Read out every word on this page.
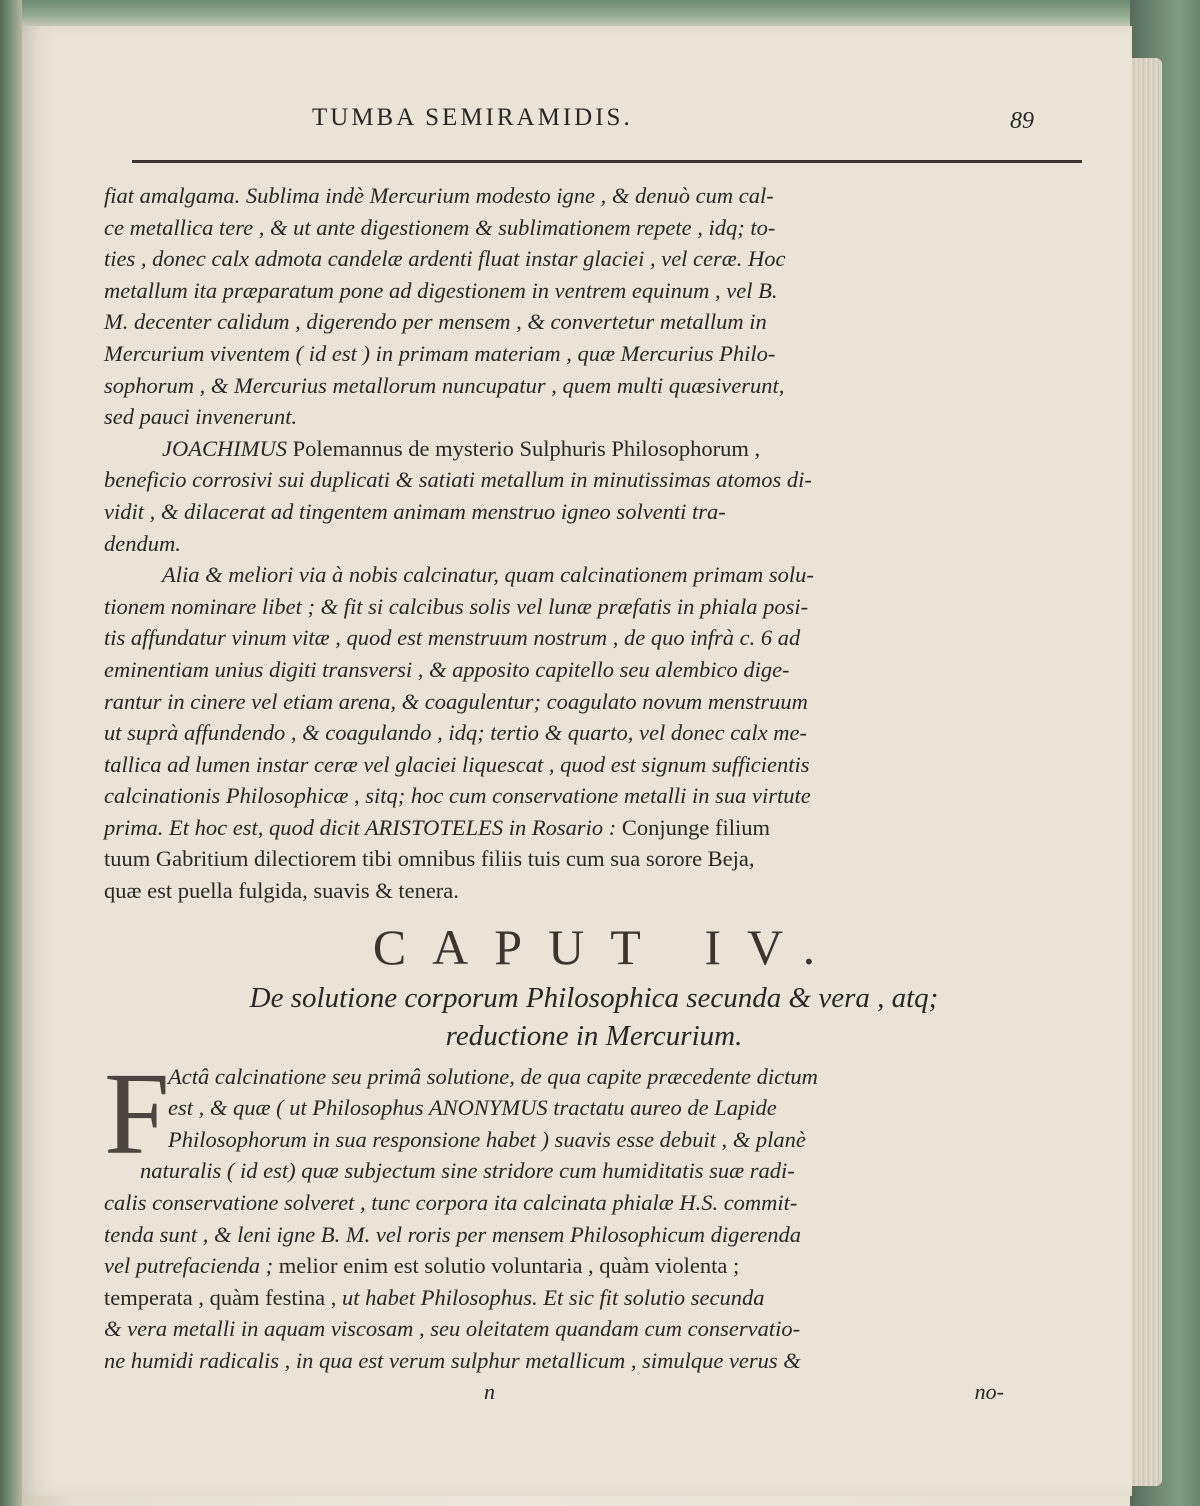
TUMBA SEMIRAMIDIS.	89
fiat amalgama. Sublima indè Mercurium modesto igne , & denuò cum cal-
ce metallica tere , & ut ante digestionem & sublimationem repete , idq; to-
ties , donec calx admota candelæ ardenti fluat instar glaciei , vel ceræ. Hoc
metallum ita præparatum pone ad digestionem in ventrem equinum , vel B.
M. decenter calidum , digerendo per mensem , & convertetur metallum in
Mercurium viventem ( id est ) in primam materiam , quæ Mercurius Philo-
sophorum , & Mercurius metallorum nuncupatur , quem multi quæsiverunt,
sed pauci invenerunt.
JOACHIMUS Polemannus de mysterio Sulphuris Philosophorum ,
beneficio corrosivi sui duplicati & satiati metallum in minutissimas atomos di-
vidit , & dilacerat ad tingentem animam menstruo igneo solventi tra-
dendum.
Alia & meliori via à nobis calcinatur, quam calcinationem primam solu-
tionem nominare libet ; & fit si calcibus solis vel lunæ præfatis in phiala posi-
tis affundatur vinum vitæ , quod est menstruum nostrum , de quo infrà c. 6 ad
eminentiam unius digiti transversi , & apposito capitello seu alembico dige-
rantur in cinere vel etiam arena, & coagulentur; coagulato novum menstruum
ut suprà affundendo , & coagulando , idq; tertio & quarto, vel donec calx me-
tallica ad lumen instar ceræ vel glaciei liquescat , quod est signum sufficientis
calcinationis Philosophicæ , sitq; hoc cum conservatione metalli in sua virtute
prima. Et hoc est, quod dicit ARISTOTELES in Rosario : Conjunge filium
tuum Gabritium dilectiorem tibi omnibus filiis tuis cum sua sorore Beja,
quæ est puella fulgida, suavis & tenera.
CAPUT IV.
De solutione corporum Philosophica secunda & vera , atq;
reductione in Mercurium.
F
Actâ calcinatione seu primâ solutione, de qua capite præcedente dictum
est , & quæ ( ut Philosophus ANONYMUS tractatu aureo de Lapide
Philosophorum in sua responsione habet ) suavis esse debuit , & planè
naturalis ( id est) quæ subjectum sine stridore cum humiditatis suæ radi-
calis conservatione solveret , tunc corpora ita calcinata phialæ H.S. commit-
tenda sunt , & leni igne B. M. vel roris per mensem Philosophicum digerenda
vel putrefacienda ; melior enim est solutio voluntaria , quàm violenta ;
temperata , quàm festina , ut habet Philosophus. Et sic fit solutio secunda
& vera metalli in aquam viscosam , seu oleitatem quandam cum conservatio-
ne humidi radicalis , in qua est verum sulphur metallicum , simulque verus &
n	no-
